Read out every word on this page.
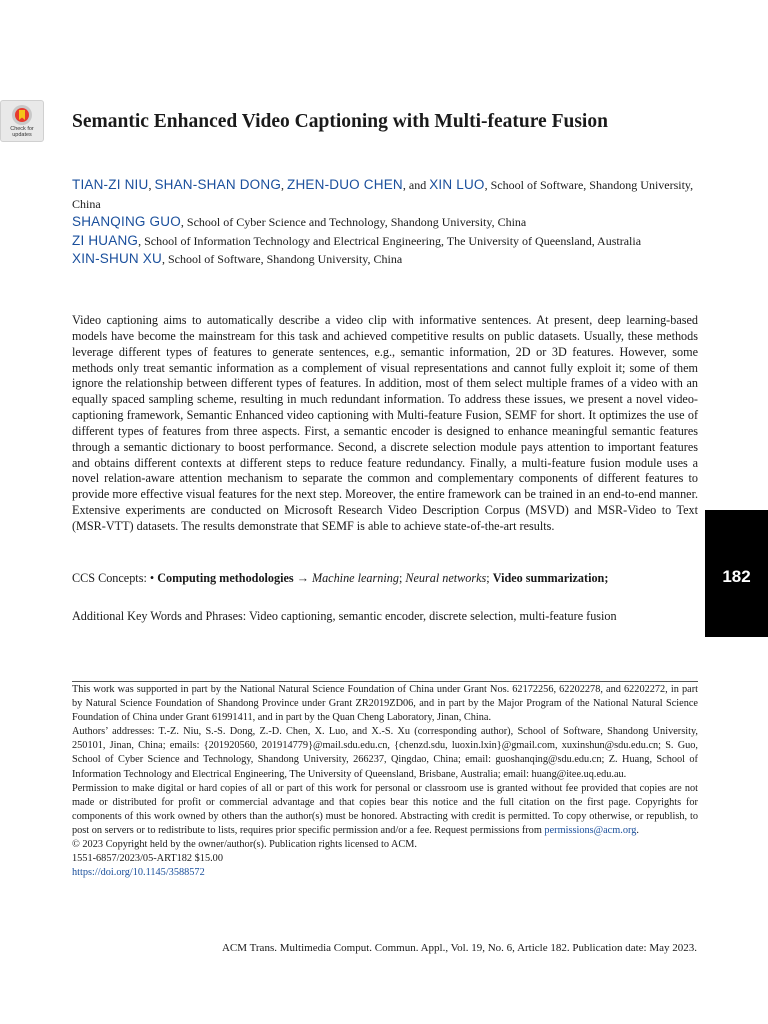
Check for
updates
Semantic Enhanced Video Captioning with Multi-feature Fusion

TIAN-ZI NIU, SHAN-SHAN DONG, ZHEN-DUO CHEN, and XIN LUO, School of Software, Shandong University, China

SHANQING GUO, School of Cyber Science and Technology, Shandong University, China

ZI HUANG, School of Information Technology and Electrical Engineering, The University of Queensland, Australia

XIN-SHUN XU, School of Software, Shandong University, China

Video captioning aims to automatically describe a video clip with informative sentences. At present, deep learning-based models have become the mainstream for this task and achieved competitive results on public datasets. Usually, these methods leverage different types of features to generate sentences, e.g., semantic information, 2D or 3D features. However, some methods only treat semantic information as a complement of visual representations and cannot fully exploit it; some of them ignore the relationship between different types of features. In addition, most of them select multiple frames of a video with an equally spaced sampling scheme, resulting in much redundant information. To address these issues, we present a novel video-captioning framework, Semantic Enhanced video captioning with Multi-feature Fusion, SEMF for short. It optimizes the use of different types of features from three aspects. First, a semantic encoder is designed to enhance meaningful semantic features through a semantic dictionary to boost performance. Second, a discrete selection module pays attention to important features and obtains different contexts at different steps to reduce feature redundancy. Finally, a multi-feature fusion module uses a novel relation-aware attention mechanism to separate the common and complementary components of different features to provide more effective visual features for the next step. Moreover, the entire framework can be trained in an end-to-end manner. Extensive experiments are conducted on Microsoft Research Video Description Corpus (MSVD) and MSR-Video to Text (MSR-VTT) datasets. The results demonstrate that SEMF is able to achieve state-of-the-art results.

CCS Concepts: • Computing methodologies → Machine learning; Neural networks; Video summarization;

Additional Key Words and Phrases: Video captioning, semantic encoder, discrete selection, multi-feature fusion

This work was supported in part by the National Natural Science Foundation of China under Grant Nos. 62172256, 62202278, and 62202272, in part by Natural Science Foundation of Shandong Province under Grant ZR2019ZD06, and in part by the Major Program of the National Natural Science Foundation of China under Grant 61991411, and in part by the Quan Cheng Laboratory, Jinan, China.

Authors’ addresses: T.-Z. Niu, S.-S. Dong, Z.-D. Chen, X. Luo, and X.-S. Xu (corresponding author), School of Software, Shandong University, 250101, Jinan, China; emails: {201920560, 201914779}@mail.sdu.edu.cn, {chenzd.sdu, luoxin.lxin}@gmail.com, xuxinshun@sdu.edu.cn; S. Guo, School of Cyber Science and Technology, Shandong University, 266237, Qingdao, China; email: guoshanqing@sdu.edu.cn; Z. Huang, School of Information Technology and Electrical Engineering, The University of Queensland, Brisbane, Australia; email: huang@itee.uq.edu.au.

Permission to make digital or hard copies of all or part of this work for personal or classroom use is granted without fee provided that copies are not made or distributed for profit or commercial advantage and that copies bear this notice and the full citation on the first page. Copyrights for components of this work owned by others than the author(s) must be honored. Abstracting with credit is permitted. To copy otherwise, or republish, to post on servers or to redistribute to lists, requires prior specific permission and/or a fee. Request permissions from permissions@acm.org.

© 2023 Copyright held by the owner/author(s). Publication rights licensed to ACM.

1551-6857/2023/05-ART182 $15.00

https://doi.org/10.1145/3588572

ACM Trans. Multimedia Comput. Commun. Appl., Vol. 19, No. 6, Article 182. Publication date: May 2023.
182
